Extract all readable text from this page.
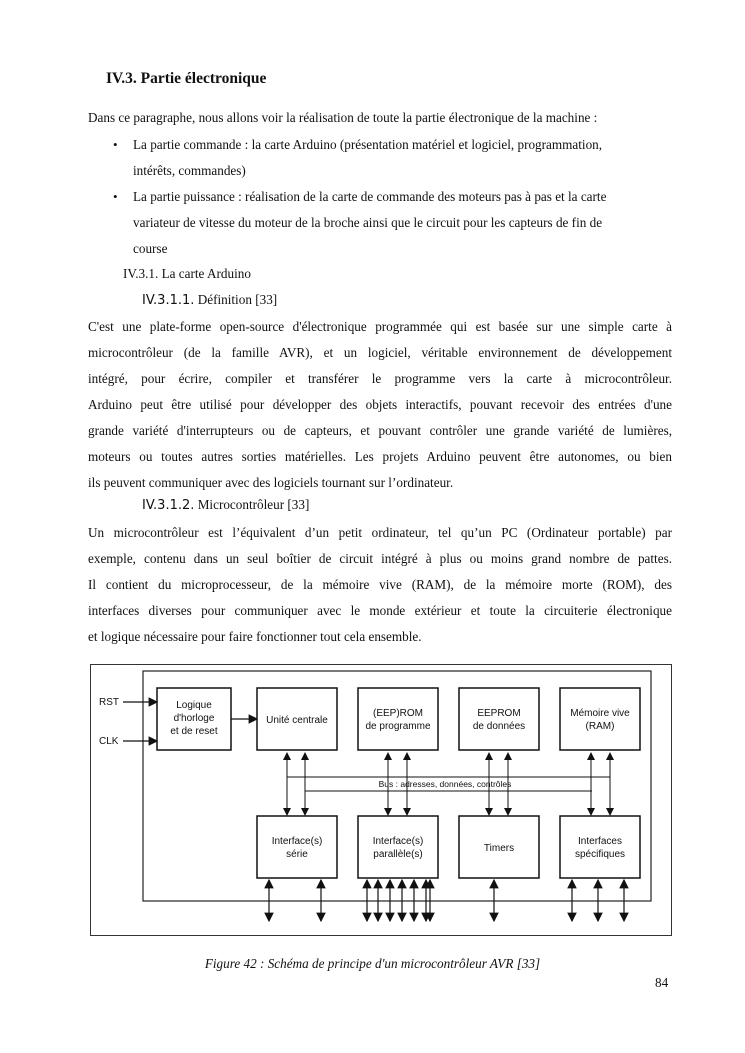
IV.3. Partie électronique
Dans ce paragraphe, nous allons voir la réalisation de toute la partie électronique de la machine :
• La partie commande : la carte Arduino (présentation matériel et logiciel, programmation,
intérêts, commandes)
• La partie puissance : réalisation de la carte de commande des moteurs pas à pas et la carte
variateur de vitesse du moteur de la broche ainsi que le circuit pour les capteurs de fin de
course
IV.3.1. La carte Arduino
IV.3.1.1. Définition [33]
C'est une plate-forme open-source d'électronique programmée qui est basée sur une simple carte à
microcontrôleur (de la famille AVR), et un logiciel, véritable environnement de développement
intégré, pour écrire, compiler et transférer le programme vers la carte à microcontrôleur.
Arduino peut être utilisé pour développer des objets interactifs, pouvant recevoir des entrées d'une
grande variété d'interrupteurs ou de capteurs, et pouvant contrôler une grande variété de lumières,
moteurs ou toutes autres sorties matérielles. Les projets Arduino peuvent être autonomes, ou bien
ils peuvent communiquer avec des logiciels tournant sur l’ordinateur.
IV.3.1.2. Microcontrôleur [33]
Un microcontrôleur est l’équivalent d’un petit ordinateur, tel qu’un PC (Ordinateur portable) par
exemple, contenu dans un seul boîtier de circuit intégré à plus ou moins grand nombre de pattes.
Il contient du microprocesseur, de la mémoire vive (RAM), de la mémoire morte (ROM), des
interfaces diverses pour communiquer avec le monde extérieur et toute la circuiterie électronique
et logique nécessaire pour faire fonctionner tout cela ensemble.
RST
CLK
Logique
d'horloge
et de reset
Unité centrale
(EEP)ROM
de programme
EEPROM
de données
Mémoire vive
(RAM)
Bus : adresses, données, contrôles
Interface(s)
série
Interface(s)
parallèle(s)
Timers
Interfaces
spécifiques
Figure 42 : Schéma de principe d'un microcontrôleur AVR [33]
84
